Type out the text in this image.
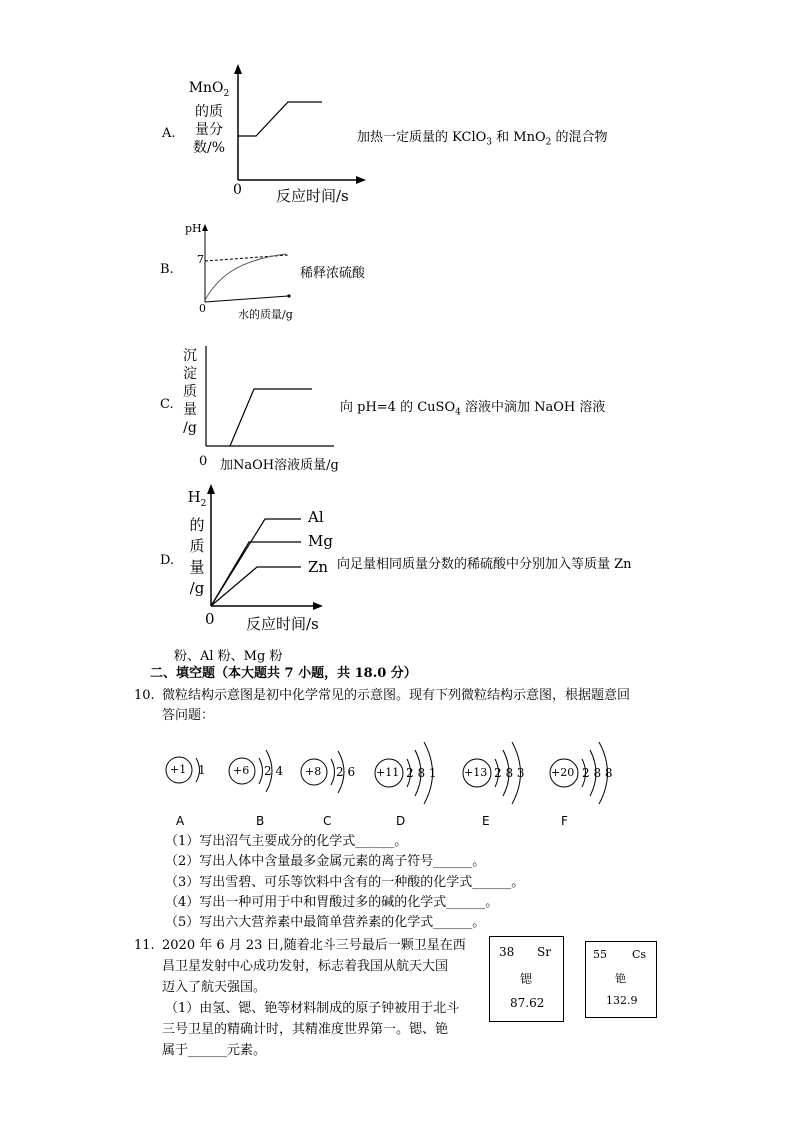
A.
MnO$_2$
的质
量分
数/%
0 反应时间/s
加热一定质量的 KClO$_3$ 和 MnO$_2$ 的混合物
B.
pH
7
0	水的质量/g
稀释浓硫酸
C.
沉
淀
质
量
/g
0 加NaOH溶液质量/g
向 pH=4 的 CuSO$_4$ 溶液中滴加 NaOH 溶液
D.
$H_2$
的
质
量
/g
Al
Mg
Zn
0 反应时间/s
向足量相同质量分数的稀硫酸中分别加入等质量 Zn
粉、Al 粉、Mg 粉
二、填空题（本大题共 7 小题，共 18.0 分）
10. 微粒结构示意图是初中化学常见的示意图。现有下列微粒结构示意图，根据题意回
答问题：
+1 1 +6 2 4 +8 2 6 +11 2 8 1 +13 2 8 3 +20 2 8 8
A	B	C	D	E	F
（1）写出沼气主要成分的化学式______。
（2）写出人体中含量最多金属元素的离子符号______。
（3）写出雪碧、可乐等饮料中含有的一种酸的化学式______。
（4）写出一种可用于中和胃酸过多的碱的化学式______。
（5）写出六大营养素中最简单营养素的化学式______。
11. 2020 年 6 月 23 日,随着北斗三号最后一颗卫星在西
昌卫星发射中心成功发射，标志着我国从航天大国
迈入了航天强国。
（1）由氢、锶、铯等材料制成的原子钟被用于北斗
三号卫星的精确计时，其精准度世界第一。锶、铯
属于______元素。
38 Sr
锶
87.62
55 Cs
铯
132.9
